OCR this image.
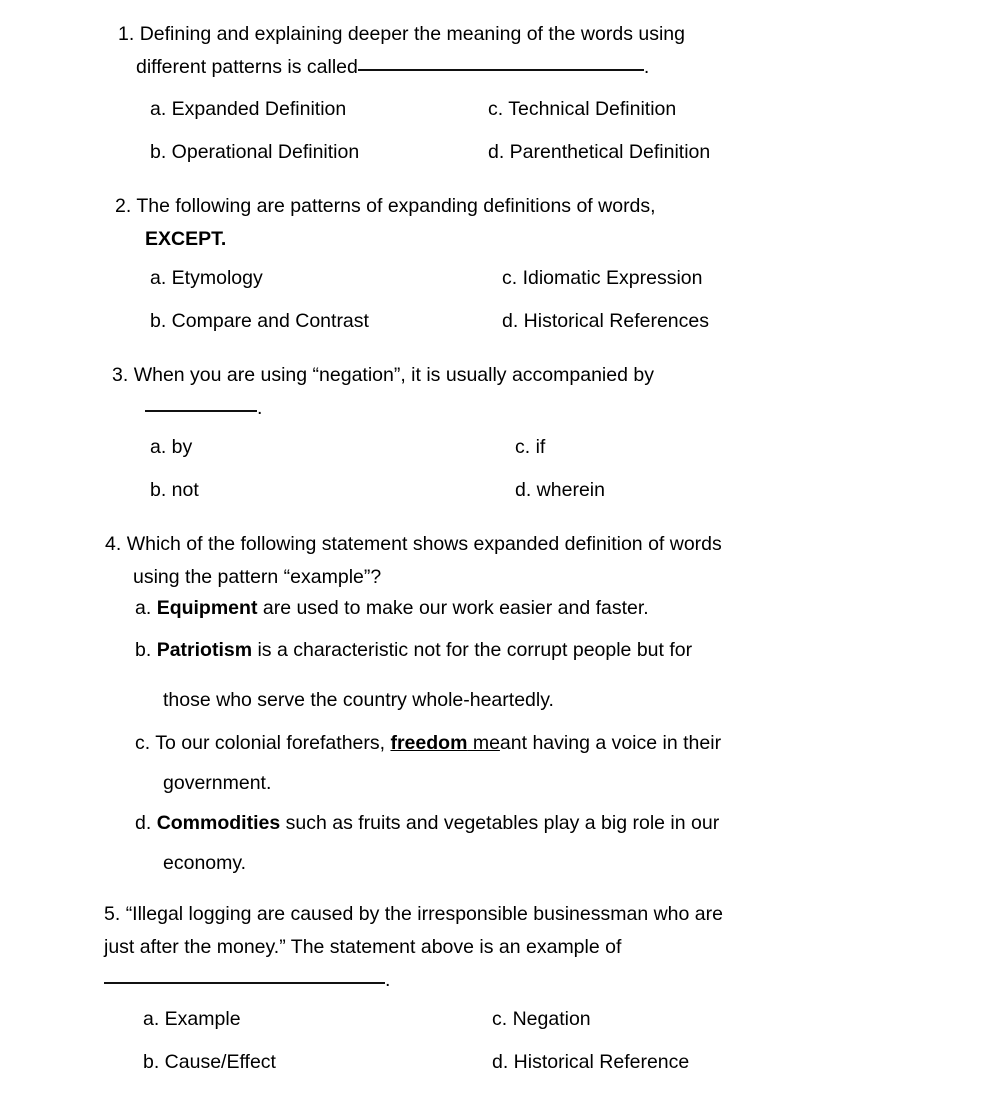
1. Defining and explaining deeper the meaning of the words using
different patterns is called	.
a. Expanded Definition	c. Technical Definition
b. Operational Definition	d. Parenthetical Definition
2. The following are patterns of expanding definitions of words,
EXCEPT.
a. Etymology	c. Idiomatic Expression
b. Compare and Contrast	d. Historical References
3. When you are using “negation”, it is usually accompanied by
.
a. by	c. if
b. not	d. wherein
4. Which of the following statement shows expanded definition of words
using the pattern “example”?
a. Equipment are used to make our work easier and faster.
b. Patriotism is a characteristic not for the corrupt people but for
those who serve the country whole-heartedly.
c. To our colonial forefathers, freedom meant having a voice in their
government.
d. Commodities such as fruits and vegetables play a big role in our
economy.
5. “Illegal logging are caused by the irresponsible businessman who are
just after the money.” The statement above is an example of
.
a. Example	c. Negation
b. Cause/Effect	d. Historical Reference
